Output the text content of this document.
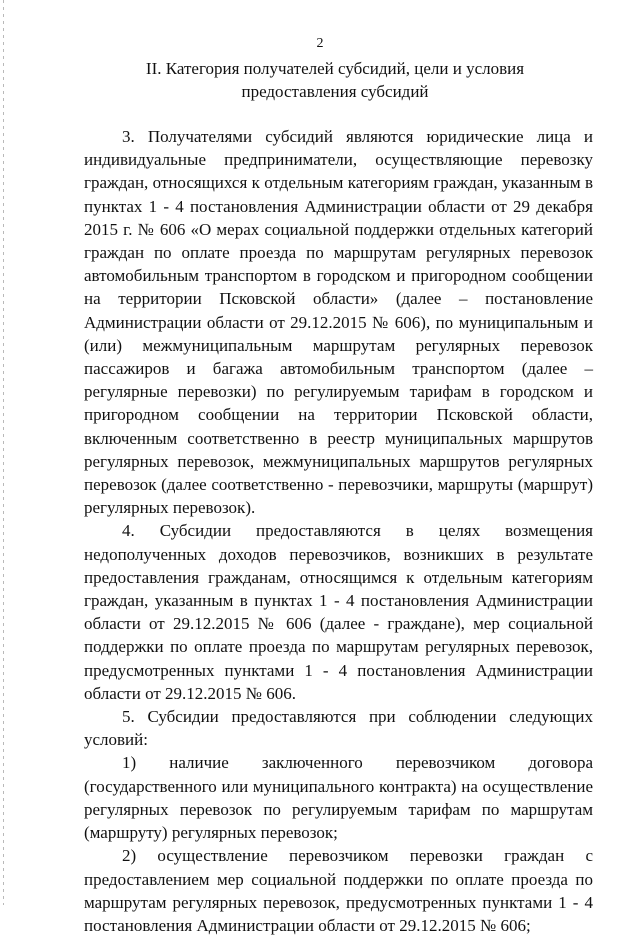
2
II. Категория получателей субсидий, цели и условия предоставления субсидий

3. Получателями субсидий являются юридические лица и индивидуальные предприниматели, осуществляющие перевозку граждан, относящихся к отдельным категориям граждан, указанным в пунктах 1 - 4 постановления Администрации области от 29 декабря 2015 г. № 606 «О мерах социальной поддержки отдельных категорий граждан по оплате проезда по маршрутам регулярных перевозок автомобильным транспортом в городском и пригородном сообщении на территории Псковской области» (далее – постановление Администрации области от 29.12.2015 № 606), по муниципальным и (или) межмуниципальным маршрутам регулярных перевозок пассажиров и багажа автомобильным транспортом (далее – регулярные перевозки) по регулируемым тарифам в городском и пригородном сообщении на территории Псковской области, включенным соответственно в реестр муниципальных маршрутов регулярных перевозок, межмуниципальных маршрутов регулярных перевозок (далее соответственно - перевозчики, маршруты (маршрут) регулярных перевозок).

4. Субсидии предоставляются в целях возмещения недополученных доходов перевозчиков, возникших в результате предоставления гражданам, относящимся к отдельным категориям граждан, указанным в пунктах 1 - 4 постановления Администрации области от 29.12.2015 № 606 (далее - граждане), мер социальной поддержки по оплате проезда по маршрутам регулярных перевозок, предусмотренных пунктами 1 - 4 постановления Администрации области от 29.12.2015 № 606.

5. Субсидии предоставляются при соблюдении следующих условий:

1) наличие заключенного перевозчиком договора (государственного или муниципального контракта) на осуществление регулярных перевозок по регулируемым тарифам по маршрутам (маршруту) регулярных перевозок;

2) осуществление перевозчиком перевозки граждан с предоставлением мер социальной поддержки по оплате проезда по маршрутам регулярных перевозок, предусмотренных пунктами 1 - 4 постановления Администрации области от 29.12.2015 № 606;
